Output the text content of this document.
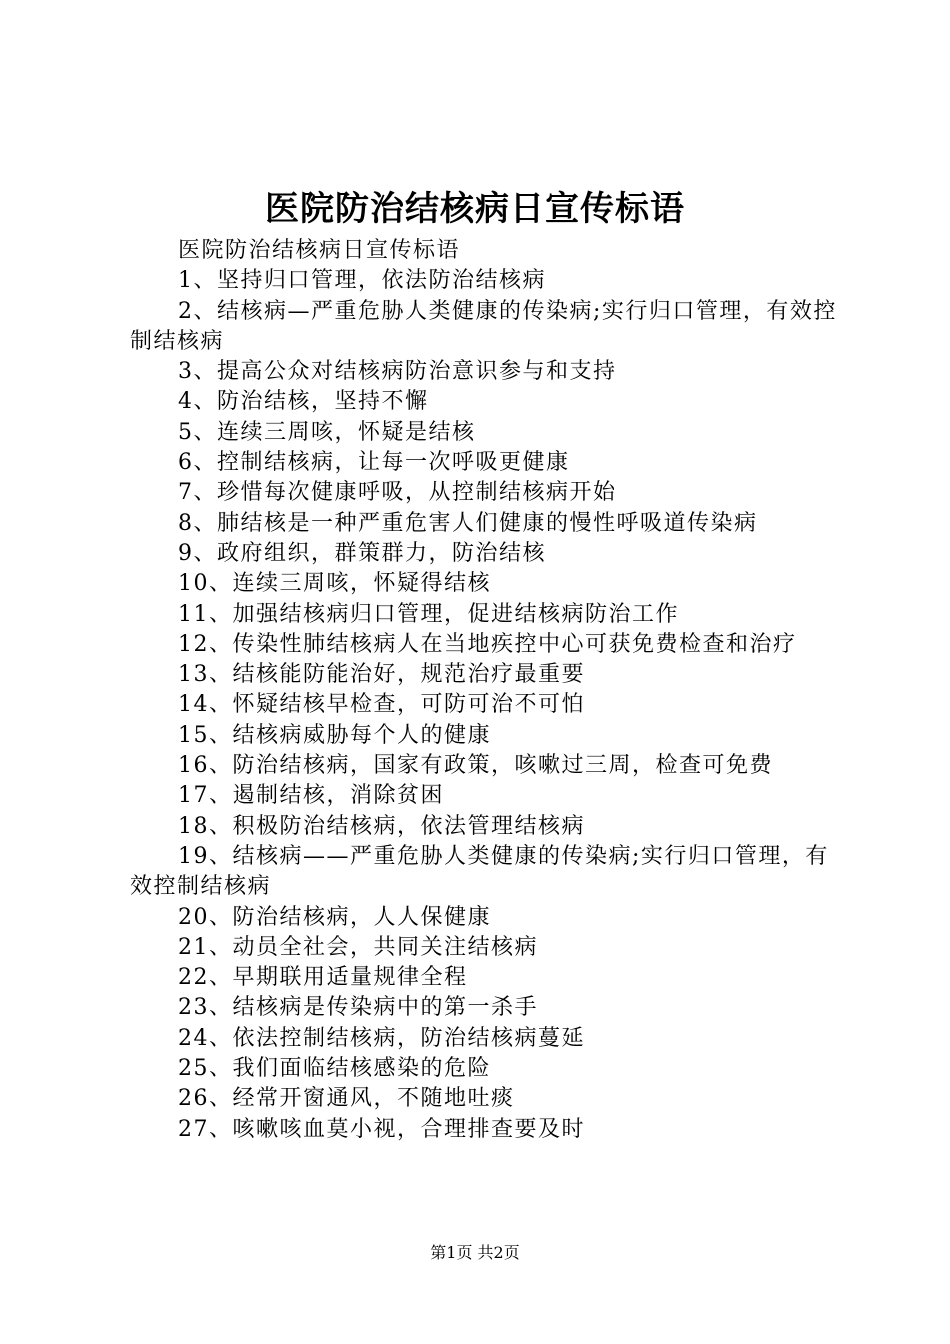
医院防治结核病日宣传标语

医院防治结核病日宣传标语

1、坚持归口管理，依法防治结核病

2、结核病—严重危胁人类健康的传染病;实行归口管理，有效控制结核病

3、提高公众对结核病防治意识参与和支持

4、防治结核，坚持不懈

5、连续三周咳，怀疑是结核

6、控制结核病，让每一次呼吸更健康

7、珍惜每次健康呼吸，从控制结核病开始

8、肺结核是一种严重危害人们健康的慢性呼吸道传染病

9、政府组织，群策群力，防治结核

10、连续三周咳，怀疑得结核

11、加强结核病归口管理，促进结核病防治工作

12、传染性肺结核病人在当地疾控中心可获免费检查和治疗

13、结核能防能治好，规范治疗最重要

14、怀疑结核早检查，可防可治不可怕

15、结核病威胁每个人的健康

16、防治结核病，国家有政策，咳嗽过三周，检查可免费

17、遏制结核，消除贫困

18、积极防治结核病，依法管理结核病

19、结核病——严重危胁人类健康的传染病;实行归口管理，有效控制结核病

20、防治结核病，人人保健康

21、动员全社会，共同关注结核病

22、早期联用适量规律全程

23、结核病是传染病中的第一杀手

24、依法控制结核病，防治结核病蔓延

25、我们面临结核感染的危险

26、经常开窗通风，不随地吐痰

27、咳嗽咳血莫小视，合理排查要及时

第1页 共2页
